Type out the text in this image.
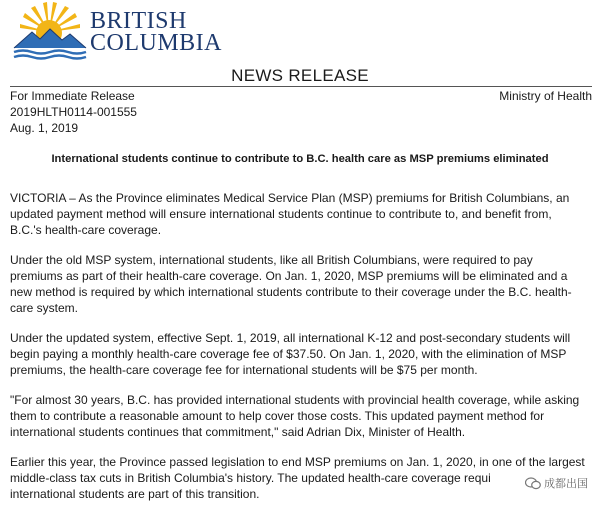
BRITISH
COLUMBIA
NEWS RELEASE
For Immediate Release
2019HLTH0114-001555
Aug. 1, 2019
Ministry of Health
International students continue to contribute to B.C. health care as MSP premiums eliminated

VICTORIA – As the Province eliminates Medical Service Plan (MSP) premiums for British Columbians, an
updated payment method will ensure international students continue to contribute to, and benefit from,
B.C.'s health-care coverage.

Under the old MSP system, international students, like all British Columbians, were required to pay
premiums as part of their health-care coverage. On Jan. 1, 2020, MSP premiums will be eliminated and a
new method is required by which international students contribute to their coverage under the B.C. health-
care system.

Under the updated system, effective Sept. 1, 2019, all international K-12 and post-secondary students will
begin paying a monthly health-care coverage fee of $37.50. On Jan. 1, 2020, with the elimination of MSP
premiums, the health-care coverage fee for international students will be $75 per month.

"For almost 30 years, B.C. has provided international students with provincial health coverage, while asking
them to contribute a reasonable amount to help cover those costs. This updated payment method for
international students continues that commitment," said Adrian Dix, Minister of Health.

Earlier this year, the Province passed legislation to end MSP premiums on Jan. 1, 2020, in one of the largest
middle-class tax cuts in British Columbia's history. The updated health-care coverage requi
international students are part of this transition.

成都出国
